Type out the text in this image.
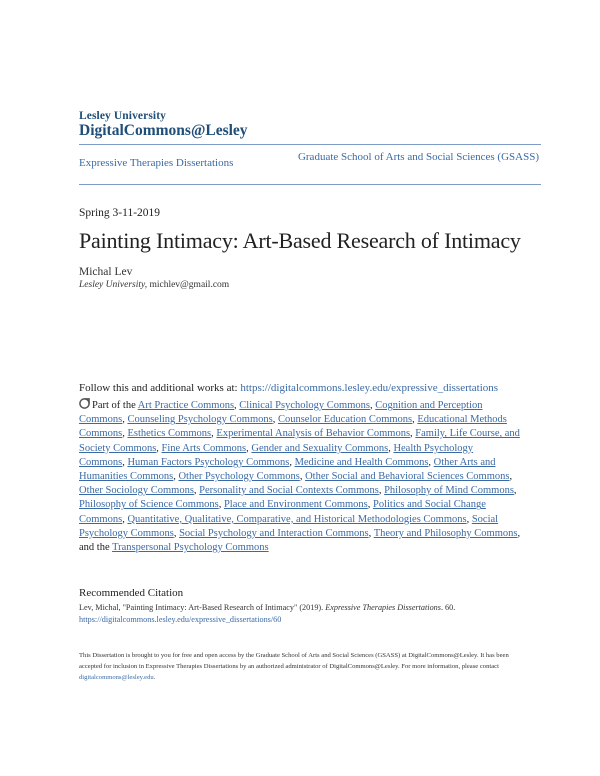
Lesley University
DigitalCommons@Lesley
Expressive Therapies Dissertations	Graduate School of Arts and Social Sciences (GSASS)
Spring 3-11-2019
Painting Intimacy: Art-Based Research of Intimacy
Michal Lev
Lesley University, michlev@gmail.com
Follow this and additional works at: https://digitalcommons.lesley.edu/expressive_dissertations
Part of the Art Practice Commons, Clinical Psychology Commons, Cognition and Perception Commons, Counseling Psychology Commons, Counselor Education Commons, Educational Methods Commons, Esthetics Commons, Experimental Analysis of Behavior Commons, Family, Life Course, and Society Commons, Fine Arts Commons, Gender and Sexuality Commons, Health Psychology Commons, Human Factors Psychology Commons, Medicine and Health Commons, Other Arts and Humanities Commons, Other Psychology Commons, Other Social and Behavioral Sciences Commons, Other Sociology Commons, Personality and Social Contexts Commons, Philosophy of Mind Commons, Philosophy of Science Commons, Place and Environment Commons, Politics and Social Change Commons, Quantitative, Qualitative, Comparative, and Historical Methodologies Commons, Social Psychology Commons, Social Psychology and Interaction Commons, Theory and Philosophy Commons, and the Transpersonal Psychology Commons
Recommended Citation
Lev, Michal, "Painting Intimacy: Art-Based Research of Intimacy" (2019). Expressive Therapies Dissertations. 60.
https://digitalcommons.lesley.edu/expressive_dissertations/60
This Dissertation is brought to you for free and open access by the Graduate School of Arts and Social Sciences (GSASS) at DigitalCommons@Lesley. It has been accepted for inclusion in Expressive Therapies Dissertations by an authorized administrator of DigitalCommons@Lesley. For more information, please contact digitalcommons@lesley.edu.
